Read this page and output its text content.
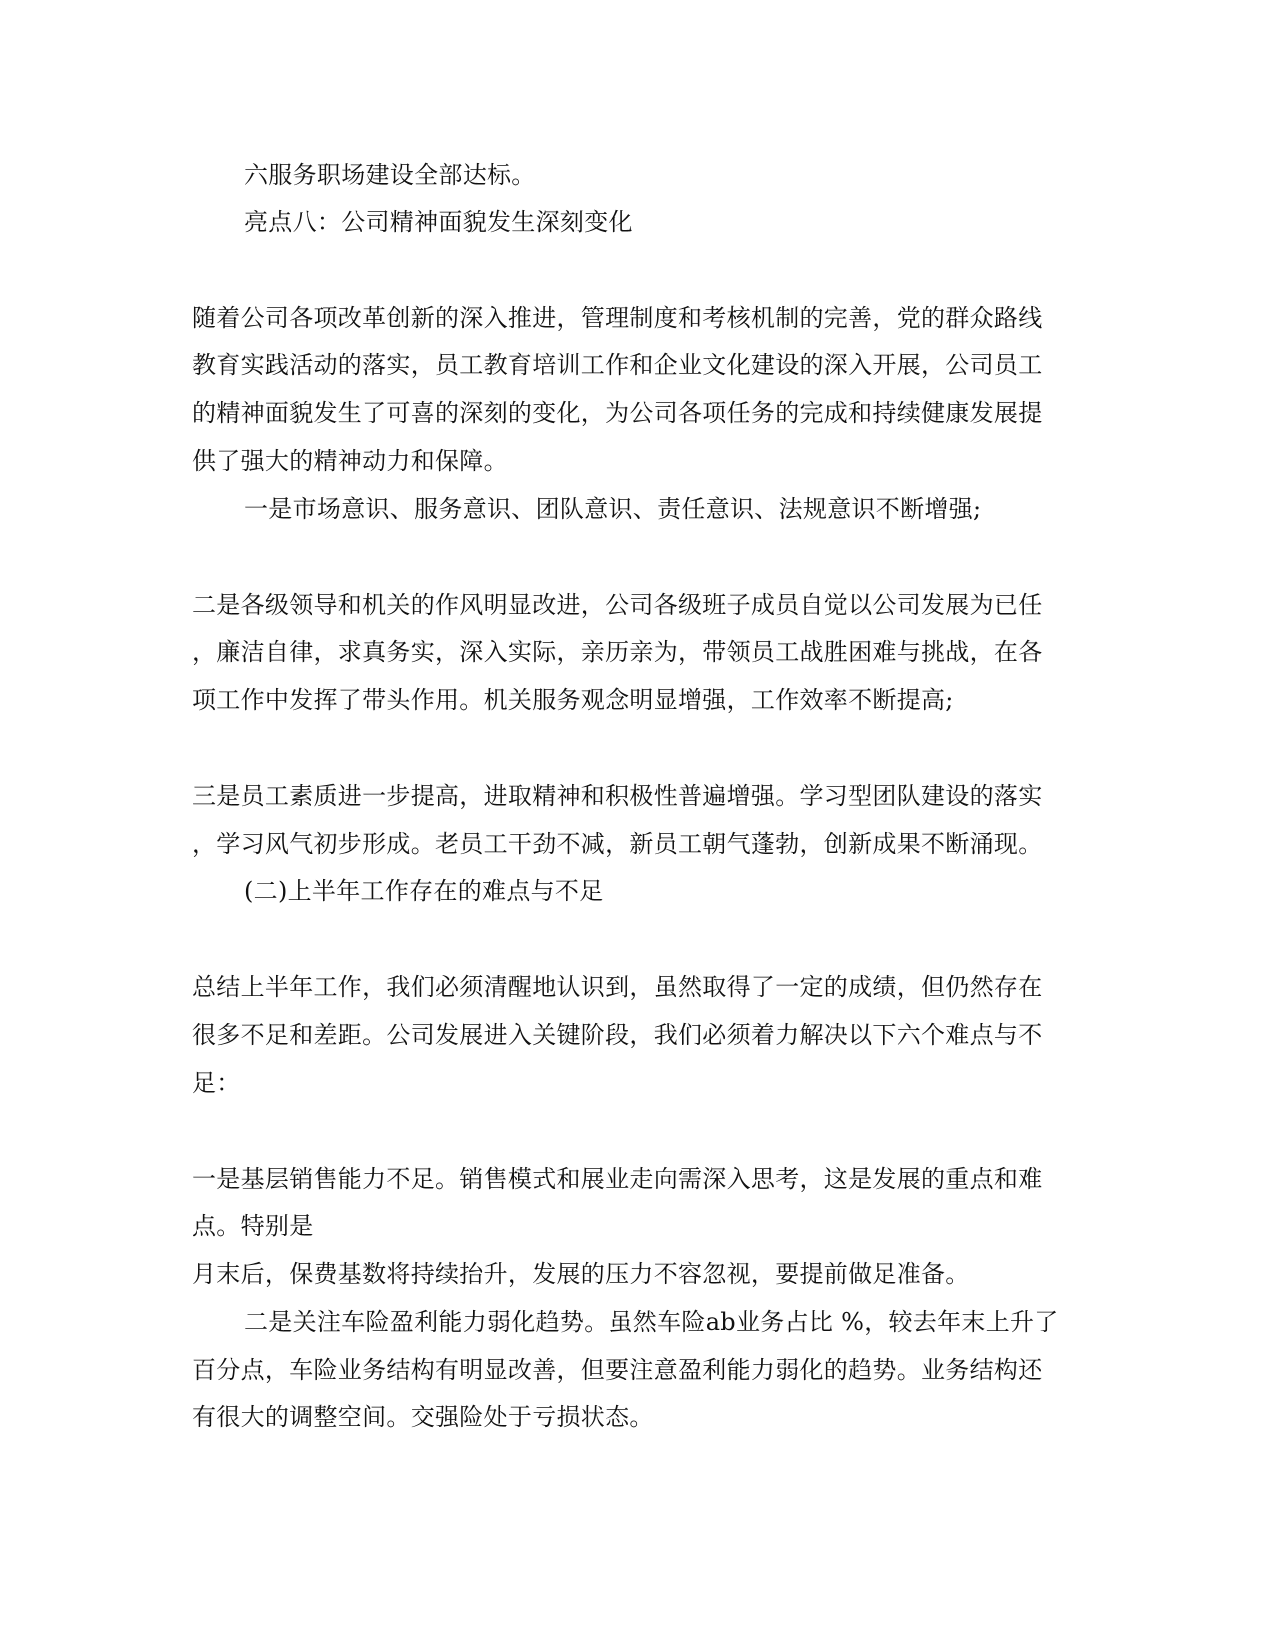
六服务职场建设全部达标。
亮点八：公司精神面貌发生深刻变化
随着公司各项改革创新的深入推进，管理制度和考核机制的完善，党的群众路线
教育实践活动的落实，员工教育培训工作和企业文化建设的深入开展，公司员工
的精神面貌发生了可喜的深刻的变化，为公司各项任务的完成和持续健康发展提
供了强大的精神动力和保障。
一是市场意识、服务意识、团队意识、责任意识、法规意识不断增强;
二是各级领导和机关的作风明显改进，公司各级班子成员自觉以公司发展为已任
，廉洁自律，求真务实，深入实际，亲历亲为，带领员工战胜困难与挑战，在各
项工作中发挥了带头作用。机关服务观念明显增强，工作效率不断提高;
三是员工素质进一步提高，进取精神和积极性普遍增强。学习型团队建设的落实
，学习风气初步形成。老员工干劲不减，新员工朝气蓬勃，创新成果不断涌现。
(二)上半年工作存在的难点与不足
总结上半年工作，我们必须清醒地认识到，虽然取得了一定的成绩，但仍然存在
很多不足和差距。公司发展进入关键阶段，我们必须着力解决以下六个难点与不
足：
一是基层销售能力不足。销售模式和展业走向需深入思考，这是发展的重点和难
点。特别是
月末后，保费基数将持续抬升，发展的压力不容忽视，要提前做足准备。
二是关注车险盈利能力弱化趋势。虽然车险ab业务占比 %，较去年末上升了
百分点，车险业务结构有明显改善，但要注意盈利能力弱化的趋势。业务结构还
有很大的调整空间。交强险处于亏损状态。
